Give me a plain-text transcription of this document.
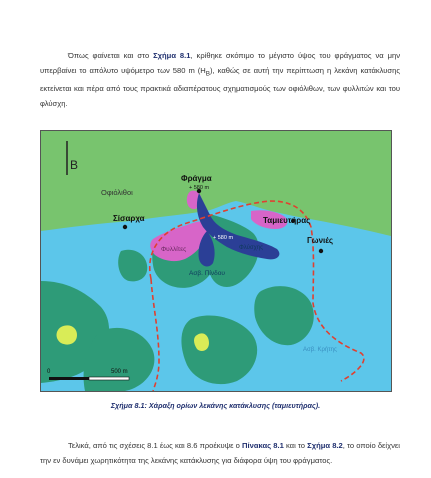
Όπως φαίνεται και στο Σχήμα 8.1, κρίθηκε σκόπιμο το μέγιστο ύψος του φράγματος να μην υπερβαίνει το απόλυτο υψόμετρο των 580 m $(H_B)$, καθώς σε αυτή την περίπτωση η λεκάνη κατάκλυσης εκτείνεται και πέρα από τους πρακτικά αδιαπέρατους σχηματισμούς των οφιόλιθων, των φυλλιτών και του φλύσχη.

Β
Οφιόλιθοι
Φράγμα
+ 580 m
Σίσαρχα	Ταμιευτήρας
Γωνιές
Φυλλίτες	Φλύσχης
+ 580 m
Ασβ. Πίνδου
Ασβ. Κρήτης
0	500 m
Σχήμα 8.1: Χάραξη ορίων λεκάνης κατάκλυσης (ταμιευτήρας).

Τελικά, από τις σχέσεις 8.1 έως και 8.6 προέκυψε ο Πίνακας 8.1 και το Σχήμα 8.2, το οποίο δείχνει την εν δυνάμει χωρητικότητα της λεκάνης κατάκλυσης για διάφορα ύψη του φράγματος.
